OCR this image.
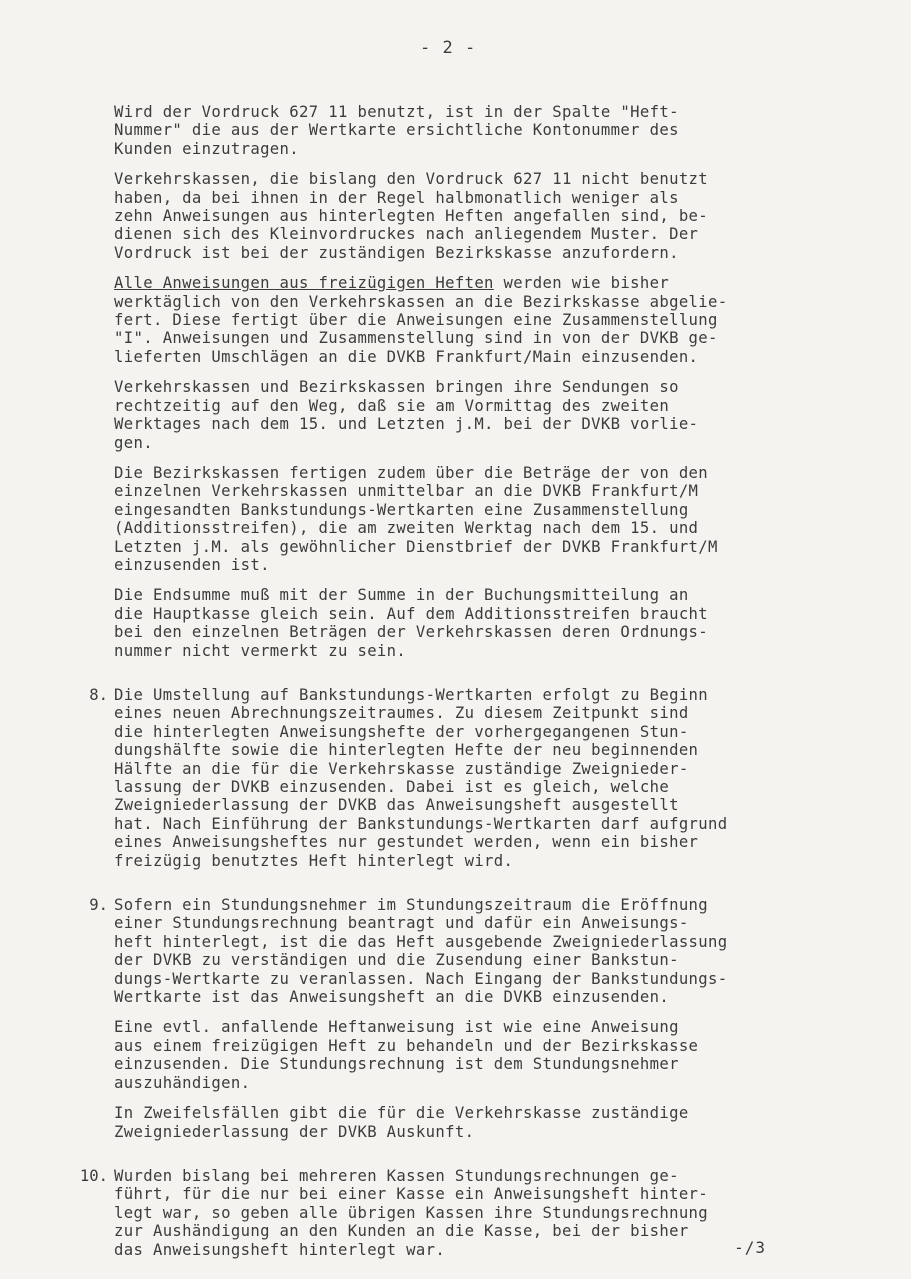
- 2 -

Wird der Vordruck 627 11 benutzt, ist in der Spalte "Heft-
Nummer" die aus der Wertkarte ersichtliche Kontonummer des
Kunden einzutragen.

Verkehrskassen, die bislang den Vordruck 627 11 nicht benutzt
haben, da bei ihnen in der Regel halbmonatlich weniger als
zehn Anweisungen aus hinterlegten Heften angefallen sind, be-
dienen sich des Kleinvordruckes nach anliegendem Muster. Der
Vordruck ist bei der zuständigen Bezirkskasse anzufordern.

Alle Anweisungen aus freizügigen Heften werden wie bisher
werktäglich von den Verkehrskassen an die Bezirkskasse abgelie-
fert. Diese fertigt über die Anweisungen eine Zusammenstellung
"I". Anweisungen und Zusammenstellung sind in von der DVKB ge-
lieferten Umschlägen an die DVKB Frankfurt/Main einzusenden.

Verkehrskassen und Bezirkskassen bringen ihre Sendungen so
rechtzeitig auf den Weg, daß sie am Vormittag des zweiten
Werktages nach dem 15. und Letzten j.M. bei der DVKB vorlie-
gen.

Die Bezirkskassen fertigen zudem über die Beträge der von den
einzelnen Verkehrskassen unmittelbar an die DVKB Frankfurt/M
eingesandten Bankstundungs-Wertkarten eine Zusammenstellung
(Additionsstreifen), die am zweiten Werktag nach dem 15. und
Letzten j.M. als gewöhnlicher Dienstbrief der DVKB Frankfurt/M
einzusenden ist.

Die Endsumme muß mit der Summe in der Buchungsmitteilung an
die Hauptkasse gleich sein. Auf dem Additionsstreifen braucht
bei den einzelnen Beträgen der Verkehrskassen deren Ordnungs-
nummer nicht vermerkt zu sein.

8. Die Umstellung auf Bankstundungs-Wertkarten erfolgt zu Beginn
eines neuen Abrechnungszeitraumes. Zu diesem Zeitpunkt sind
die hinterlegten Anweisungshefte der vorhergegangenen Stun-
dungshälfte sowie die hinterlegten Hefte der neu beginnenden
Hälfte an die für die Verkehrskasse zuständige Zweignieder-
lassung der DVKB einzusenden. Dabei ist es gleich, welche
Zweigniederlassung der DVKB das Anweisungsheft ausgestellt
hat. Nach Einführung der Bankstundungs-Wertkarten darf aufgrund
eines Anweisungsheftes nur gestundet werden, wenn ein bisher
freizügig benutztes Heft hinterlegt wird.

9. Sofern ein Stundungsnehmer im Stundungszeitraum die Eröffnung
einer Stundungsrechnung beantragt und dafür ein Anweisungs-
heft hinterlegt, ist die das Heft ausgebende Zweigniederlassung
der DVKB zu verständigen und die Zusendung einer Bankstun-
dungs-Wertkarte zu veranlassen. Nach Eingang der Bankstundungs-
Wertkarte ist das Anweisungsheft an die DVKB einzusenden.

Eine evtl. anfallende Heftanweisung ist wie eine Anweisung
aus einem freizügigen Heft zu behandeln und der Bezirkskasse
einzusenden. Die Stundungsrechnung ist dem Stundungsnehmer
auszuhändigen.

In Zweifelsfällen gibt die für die Verkehrskasse zuständige
Zweigniederlassung der DVKB Auskunft.

10. Wurden bislang bei mehreren Kassen Stundungsrechnungen ge-
führt, für die nur bei einer Kasse ein Anweisungsheft hinter-
legt war, so geben alle übrigen Kassen ihre Stundungsrechnung
zur Aushändigung an den Kunden an die Kasse, bei der bisher
das Anweisungsheft hinterlegt war.	-/3
